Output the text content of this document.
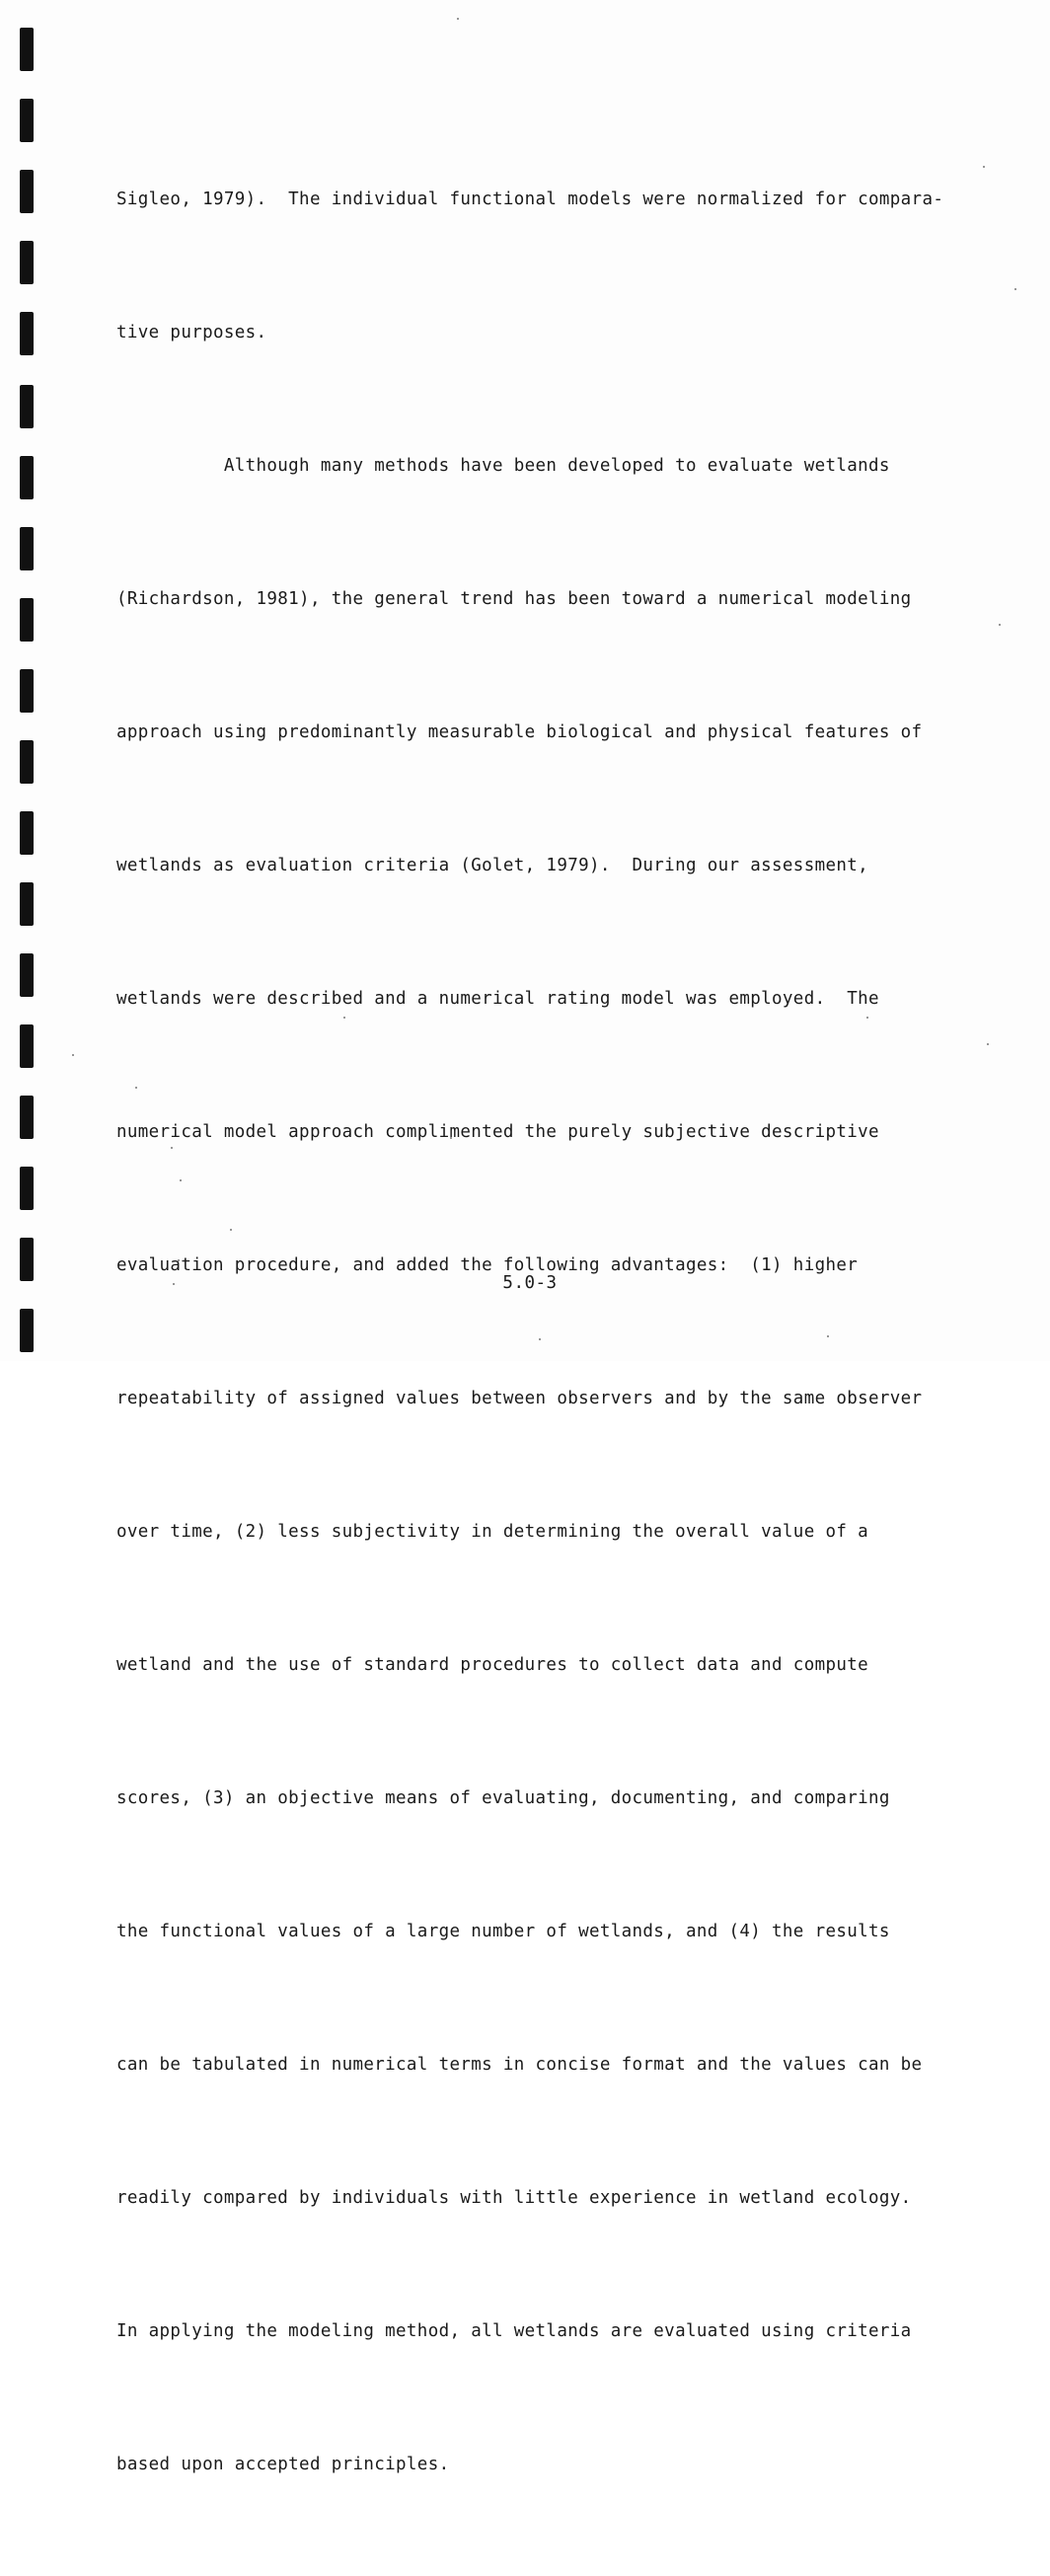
Sigleo, 1979).  The individual functional models were normalized for compara-

tive purposes.

Although many methods have been developed to evaluate wetlands

(Richardson, 1981), the general trend has been toward a numerical modeling

approach using predominantly measurable biological and physical features of

wetlands as evaluation criteria (Golet, 1979).  During our assessment,

wetlands were described and a numerical rating model was employed.  The

numerical model approach complimented the purely subjective descriptive

evaluation procedure, and added the following advantages:  (1) higher

repeatability of assigned values between observers and by the same observer

over time, (2) less subjectivity in determining the overall value of a

wetland and the use of standard procedures to collect data and compute

scores, (3) an objective means of evaluating, documenting, and comparing

the functional values of a large number of wetlands, and (4) the results

can be tabulated in numerical terms in concise format and the values can be

readily compared by individuals with little experience in wetland ecology.

In applying the modeling method, all wetlands are evaluated using criteria

based upon accepted principles.

5.0-3
